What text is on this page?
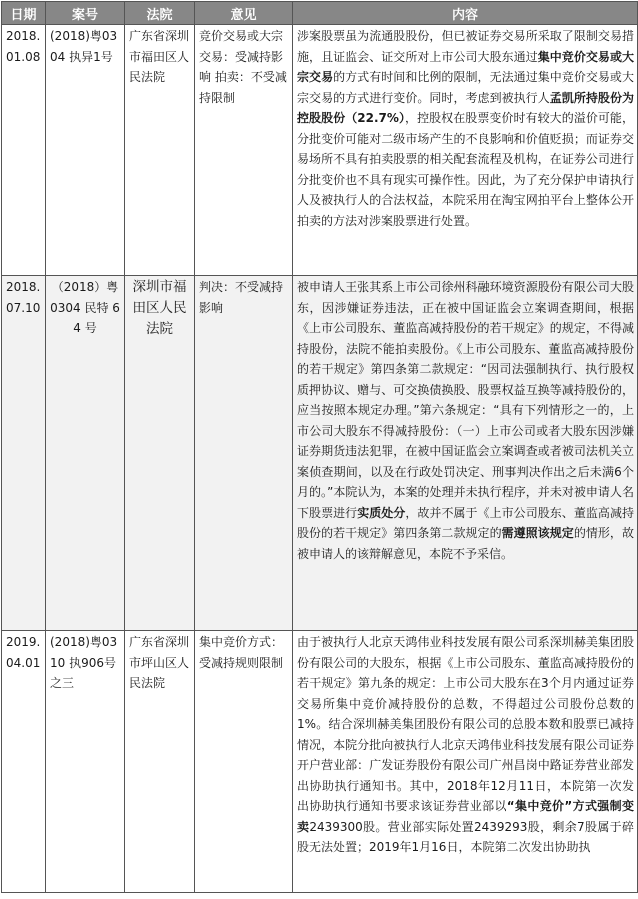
日期	案号	法院	意见	内容
2018.01.08	(2018)粤0304 执异1号	广东省深圳市福田区人民法院	竞价交易或大宗交易：受减持影响 拍卖：不受减持限制	涉案股票虽为流通股股份，但已被证券交易所采取了限制交易措施，且证监会、证交所对上市公司大股东通过集中竞价交易或大宗交易的方式有时间和比例的限制，无法通过集中竞价交易或大宗交易的方式进行变价。同时，考虑到被执行人孟凯所持股份为控股股份（22.7%），控股权在股票变价时有较大的溢价可能，分批变价可能对二级市场产生的不良影响和价值贬损；而证券交易场所不具有拍卖股票的相关配套流程及机构，在证券公司进行分批变价也不具有现实可操作性。因此，为了充分保护申请执行人及被执行人的合法权益，本院采用在淘宝网拍平台上整体公开拍卖的方法对涉案股票进行处置。
2018.07.10	（2018）粤 0304 民特 64 号	深圳市福田区人民法院	判决：不受减持影响	被申请人王张其系上市公司徐州科融环境资源股份有限公司大股东，因涉嫌证券违法，正在被中国证监会立案调查期间，根据《上市公司股东、董监高减持股份的若干规定》的规定，不得减持股份，法院不能拍卖股份。《上市公司股东、董监高减持股份的若干规定》第四条第二款规定：“因司法强制执行、执行股权质押协议、赠与、可交换债换股、股票权益互换等减持股份的，应当按照本规定办理。”第六条规定：“具有下列情形之一的，上市公司大股东不得减持股份：（一）上市公司或者大股东因涉嫌证券期货违法犯罪，在被中国证监会立案调查或者被司法机关立案侦查期间，以及在行政处罚决定、刑事判决作出之后未满6个月的。”本院认为，本案的处理并未执行程序，并未对被申请人名下股票进行实质处分，故并不属于《上市公司股东、董监高减持股份的若干规定》第四条第二款规定的需遵照该规定的情形，故被申请人的该辩解意见，本院不予采信。
2019.04.01	(2018)粤0310 执906号之三	广东省深圳市坪山区人民法院	集中竞价方式：受减持规则限制	由于被执行人北京天鸿伟业科技发展有限公司系深圳赫美集团股份有限公司的大股东，根据《上市公司股东、董监高减持股份的若干规定》第九条的规定：上市公司大股东在3个月内通过证券交易所集中竞价减持股份的总数，不得超过公司股份总数的1%。结合深圳赫美集团股份有限公司的总股本数和股票已减持情况，本院分批向被执行人北京天鸿伟业科技发展有限公司证券开户营业部：广发证券股份有限公司广州昌岗中路证券营业部发出协助执行通知书。其中，2018年12月11日，本院第一次发出协助执行通知书要求该证券营业部以“集中竞价”方式强制变卖2439300股。营业部实际处置2439293股，剩余7股属于碎股无法处置；2019年1月16日，本院第二次发出协助执
